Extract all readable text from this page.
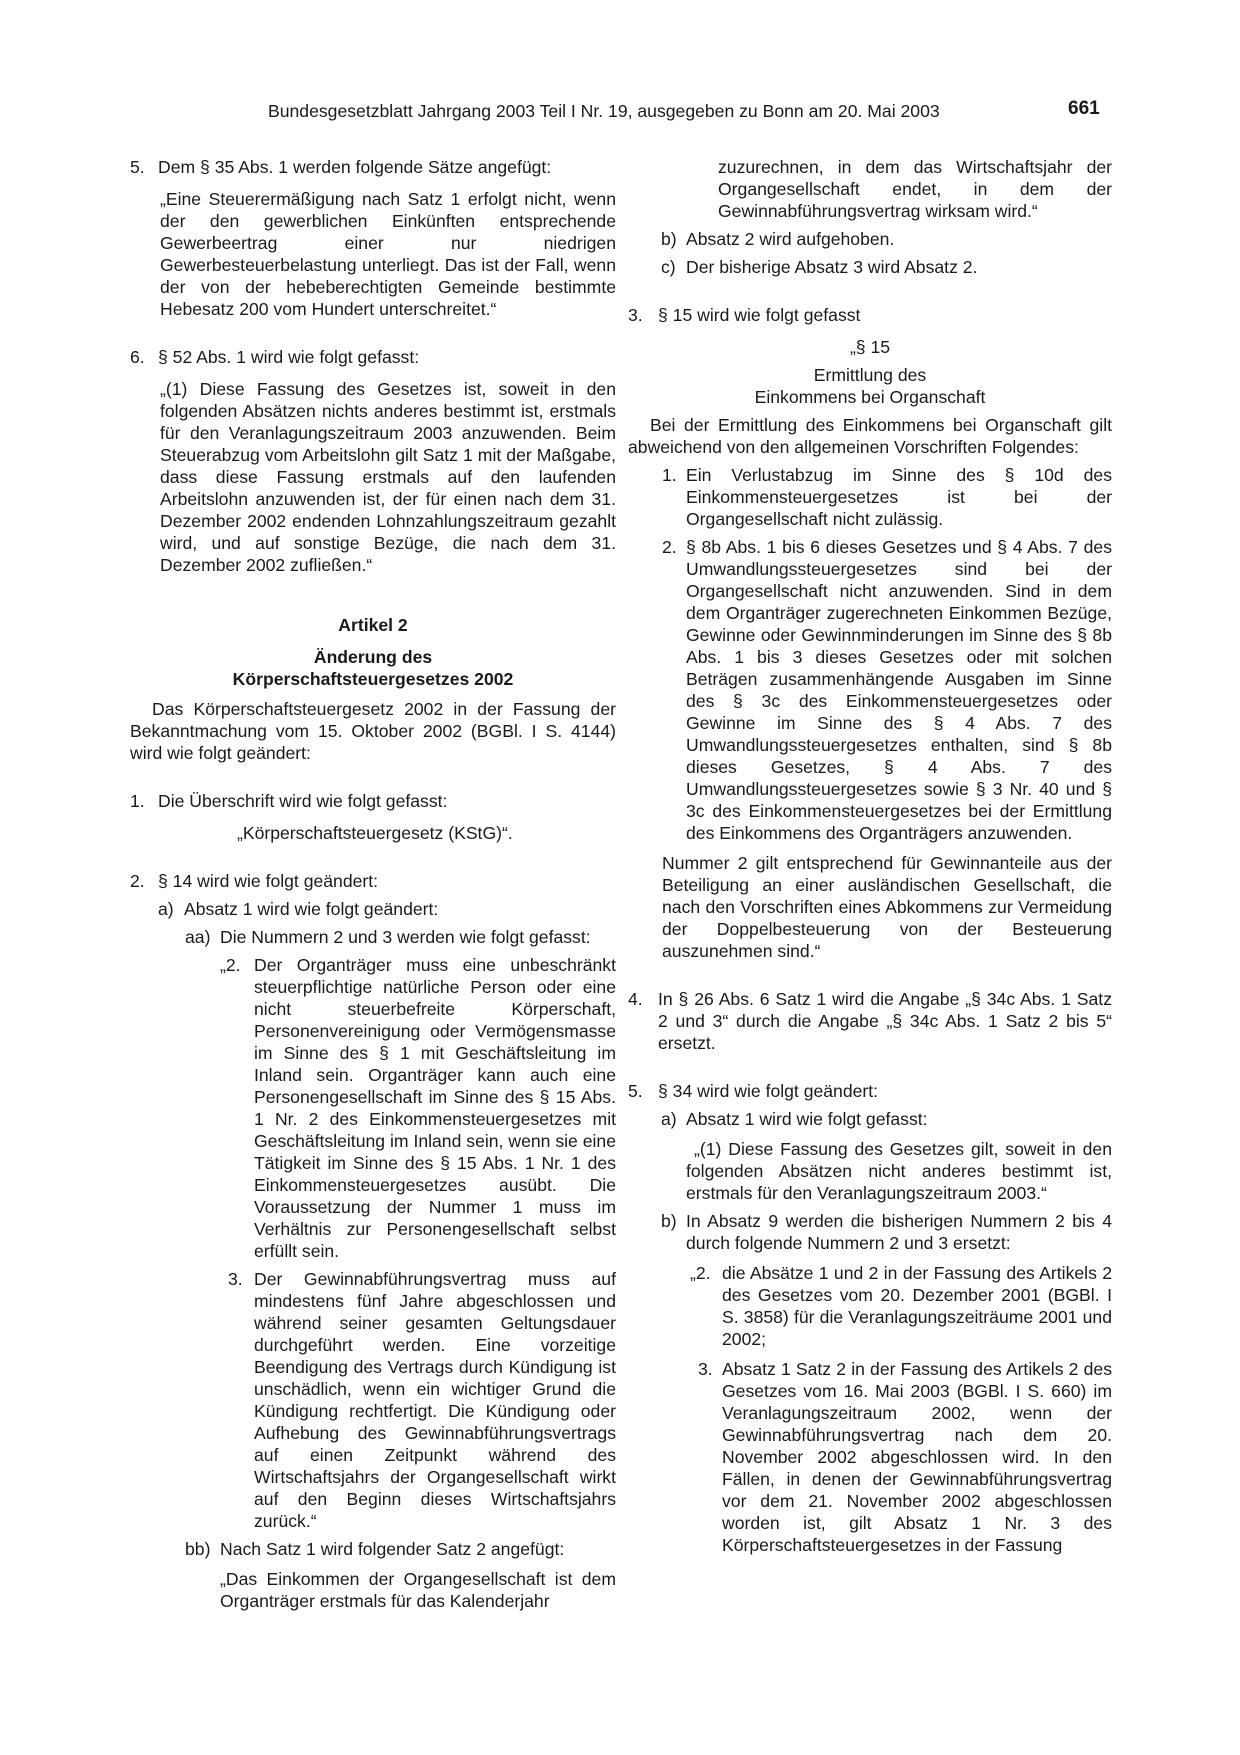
Bundesgesetzblatt Jahrgang 2003 Teil I Nr. 19, ausgegeben zu Bonn am 20. Mai 2003	661
5. Dem § 35 Abs. 1 werden folgende Sätze angefügt:

„Eine Steuerermäßigung nach Satz 1 erfolgt nicht, wenn der den gewerblichen Einkünften entsprechende Gewerbeertrag einer nur niedrigen Gewerbesteuerbelastung unterliegt. Das ist der Fall, wenn der von der hebeberechtigten Gemeinde bestimmte Hebesatz 200 vom Hundert unterschreitet.“

6. § 52 Abs. 1 wird wie folgt gefasst:

„(1) Diese Fassung des Gesetzes ist, soweit in den folgenden Absätzen nichts anderes bestimmt ist, erstmals für den Veranlagungszeitraum 2003 anzuwenden. Beim Steuerabzug vom Arbeitslohn gilt Satz 1 mit der Maßgabe, dass diese Fassung erstmals auf den laufenden Arbeitslohn anzuwenden ist, der für einen nach dem 31. Dezember 2002 endenden Lohnzahlungszeitraum gezahlt wird, und auf sonstige Bezüge, die nach dem 31. Dezember 2002 zufließen.“

Artikel 2

Änderung des

Körperschaftsteuergesetzes 2002

Das Körperschaftsteuergesetz 2002 in der Fassung der Bekanntmachung vom 15. Oktober 2002 (BGBl. I S. 4144) wird wie folgt geändert:

1. Die Überschrift wird wie folgt gefasst:

„Körperschaftsteuergesetz (KStG)“.

2. § 14 wird wie folgt geändert:

a) Absatz 1 wird wie folgt geändert:

aa) Die Nummern 2 und 3 werden wie folgt gefasst:

„2. Der Organträger muss eine unbeschränkt steuerpflichtige natürliche Person oder eine nicht steuerbefreite Körperschaft, Personenvereinigung oder Vermögensmasse im Sinne des § 1 mit Geschäftsleitung im Inland sein. Organträger kann auch eine Personengesellschaft im Sinne des § 15 Abs. 1 Nr. 2 des Einkommensteuergesetzes mit Geschäftsleitung im Inland sein, wenn sie eine Tätigkeit im Sinne des § 15 Abs. 1 Nr. 1 des Einkommensteuergesetzes ausübt. Die Voraussetzung der Nummer 1 muss im Verhältnis zur Personengesellschaft selbst erfüllt sein.

3. Der Gewinnabführungsvertrag muss auf mindestens fünf Jahre abgeschlossen und während seiner gesamten Geltungsdauer durchgeführt werden. Eine vorzeitige Beendigung des Vertrags durch Kündigung ist unschädlich, wenn ein wichtiger Grund die Kündigung rechtfertigt. Die Kündigung oder Aufhebung des Gewinnabführungsvertrags auf einen Zeitpunkt während des Wirtschaftsjahrs der Organgesellschaft wirkt auf den Beginn dieses Wirtschaftsjahrs zurück.“

bb) Nach Satz 1 wird folgender Satz 2 angefügt:

„Das Einkommen der Organgesellschaft ist dem Organträger erstmals für das Kalenderjahr

zuzurechnen, in dem das Wirtschaftsjahr der Organgesellschaft endet, in dem der Gewinnabführungsvertrag wirksam wird.“

b) Absatz 2 wird aufgehoben.

c) Der bisherige Absatz 3 wird Absatz 2.

3. § 15 wird wie folgt gefasst

„§ 15

Ermittlung des

Einkommens bei Organschaft

Bei der Ermittlung des Einkommens bei Organschaft gilt abweichend von den allgemeinen Vorschriften Folgendes:

1. Ein Verlustabzug im Sinne des § 10d des Einkommensteuergesetzes ist bei der Organgesellschaft nicht zulässig.

2. § 8b Abs. 1 bis 6 dieses Gesetzes und § 4 Abs. 7 des Umwandlungssteuergesetzes sind bei der Organgesellschaft nicht anzuwenden. Sind in dem dem Organträger zugerechneten Einkommen Bezüge, Gewinne oder Gewinnminderungen im Sinne des § 8b Abs. 1 bis 3 dieses Gesetzes oder mit solchen Beträgen zusammenhängende Ausgaben im Sinne des § 3c des Einkommensteuergesetzes oder Gewinne im Sinne des § 4 Abs. 7 des Umwandlungssteuergesetzes enthalten, sind § 8b dieses Gesetzes, § 4 Abs. 7 des Umwandlungssteuergesetzes sowie § 3 Nr. 40 und § 3c des Einkommensteuergesetzes bei der Ermittlung des Einkommens des Organträgers anzuwenden.

Nummer 2 gilt entsprechend für Gewinnanteile aus der Beteiligung an einer ausländischen Gesellschaft, die nach den Vorschriften eines Abkommens zur Vermeidung der Doppelbesteuerung von der Besteuerung auszunehmen sind.“

4. In § 26 Abs. 6 Satz 1 wird die Angabe „§ 34c Abs. 1 Satz 2 und 3“ durch die Angabe „§ 34c Abs. 1 Satz 2 bis 5“ ersetzt.

5. § 34 wird wie folgt geändert:

a) Absatz 1 wird wie folgt gefasst:

„(1) Diese Fassung des Gesetzes gilt, soweit in den folgenden Absätzen nicht anderes bestimmt ist, erstmals für den Veranlagungszeitraum 2003.“

b) In Absatz 9 werden die bisherigen Nummern 2 bis 4 durch folgende Nummern 2 und 3 ersetzt:

„2. die Absätze 1 und 2 in der Fassung des Artikels 2 des Gesetzes vom 20. Dezember 2001 (BGBl. I S. 3858) für die Veranlagungszeiträume 2001 und 2002;

3. Absatz 1 Satz 2 in der Fassung des Artikels 2 des Gesetzes vom 16. Mai 2003 (BGBl. I S. 660) im Veranlagungszeitraum 2002, wenn der Gewinnabführungsvertrag nach dem 20. November 2002 abgeschlossen wird. In den Fällen, in denen der Gewinnabführungsvertrag vor dem 21. November 2002 abgeschlossen worden ist, gilt Absatz 1 Nr. 3 des Körperschaftsteuergesetzes in der Fassung
